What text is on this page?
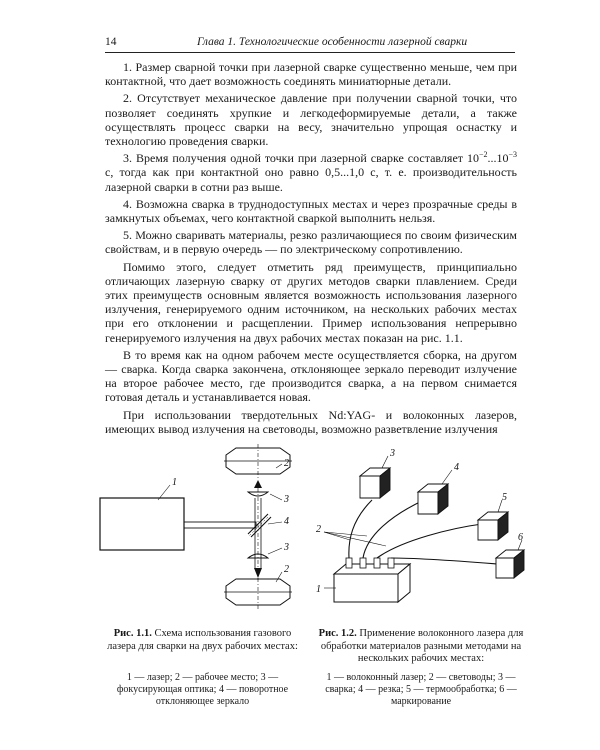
14	Глава 1. Технологические особенности лазерной сварки

1. Размер сварной точки при лазерной сварке существенно меньше, чем при контактной, что дает возможность соединять миниатюрные детали.

2. Отсутствует механическое давление при получении сварной точки, что позволяет соединять хрупкие и легкодеформируемые детали, а также осуществлять процесс сварки на весу, значительно упрощая оснастку и технологию проведения сварки.

3. Время получения одной точки при лазерной сварке составляет $10^{-2}...10^{-3}$ с, тогда как при контактной оно равно 0,5...1,0 с, т. е. производительность лазерной сварки в сотни раз выше.

4. Возможна сварка в труднодоступных местах и через прозрачные среды в замкнутых объемах, чего контактной сваркой выполнить нельзя.

5. Можно сваривать материалы, резко различающиеся по своим физическим свойствам, и в первую очередь — по электрическому сопротивлению.

Помимо этого, следует отметить ряд преимуществ, принципиально отличающих лазерную сварку от других методов сварки плавлением. Среди этих преимуществ основным является возможность использования лазерного излучения, генерируемого одним источником, на нескольких рабочих местах при его отклонении и расщеплении. Пример использования непрерывно генерируемого излучения на двух рабочих местах показан на рис. 1.1.

В то время как на одном рабочем месте осуществляется сборка, на другом — сварка. Когда сварка закончена, отклоняющее зеркало переводит излучение на второе рабочее место, где производится сварка, а на первом снимается готовая деталь и устанавливается новая.

При использовании твердотельных Nd:YAG- и волоконных лазеров, имеющих вывод излучения на световоды, возможно разветвление излучения

1
2
3
4
3
2
3
4
5
6
2
1
Рис. 1.1. Схема использования газового лазера для сварки на двух рабочих местах:
1 — лазер; 2 — рабочее место; 3 — фокусирующая оптика; 4 — поворотное отклоняющее зеркало
Рис. 1.2. Применение волоконного лазера для обработки материалов разными методами на нескольких рабочих местах:
1 — волоконный лазер; 2 — световоды; 3 — сварка; 4 — резка; 5 — термообработка; 6 — маркирование
